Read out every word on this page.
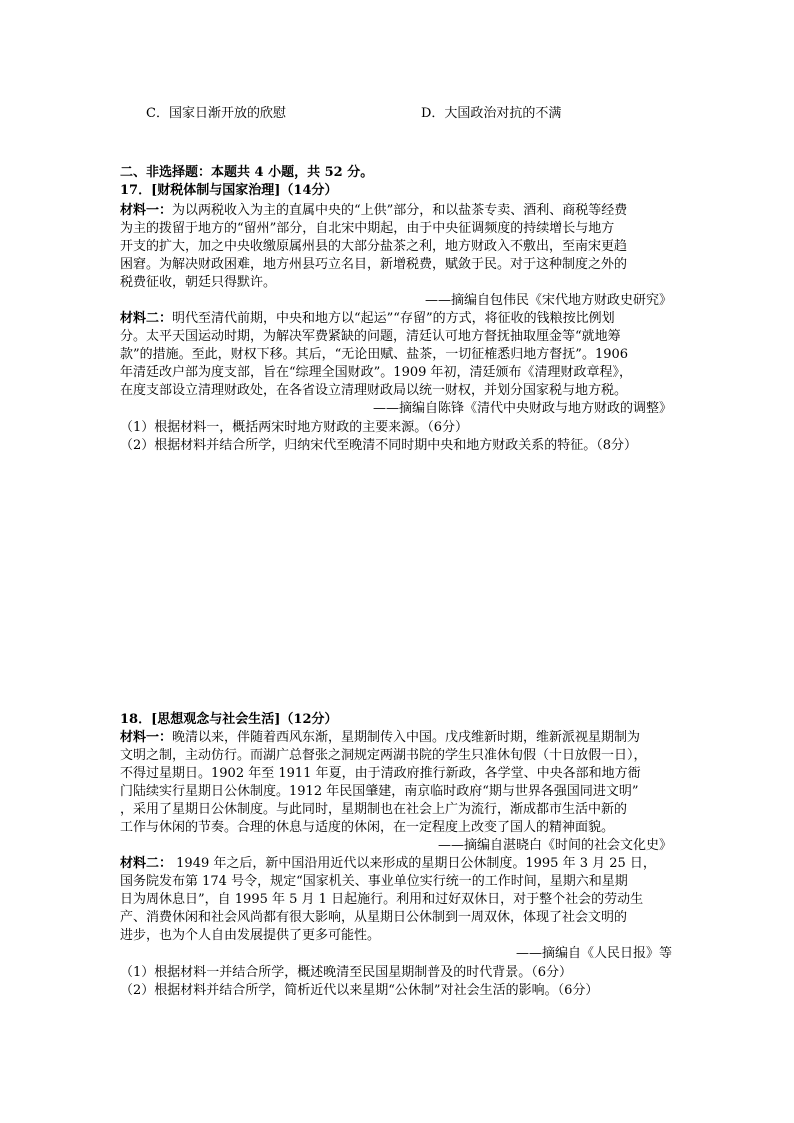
C．国家日渐开放的欣慰	D．大国政治对抗的不满
二、非选择题：本题共 4 小题，共 52 分。
17．[财税体制与国家治理]（14分）
材料一：为以两税收入为主的直属中央的“上供”部分，和以盐茶专卖、酒利、商税等经费
为主的拨留于地方的“留州”部分，自北宋中期起，由于中央征调频度的持续增长与地方
开支的扩大，加之中央收缴原属州县的大部分盐茶之利，地方财政入不敷出，至南宋更趋
困窘。为解决财政困难，地方州县巧立名目，新增税费，赋敛于民。对于这种制度之外的
税费征收，朝廷只得默许。
——摘编自包伟民《宋代地方财政史研究》
材料二：明代至清代前期，中央和地方以“起运”“存留”的方式，将征收的钱粮按比例划
分。太平天国运动时期，为解决军费紧缺的问题，清廷认可地方督抚抽取厘金等“就地筹
款”的措施。至此，财权下移。其后，“无论田赋、盐茶，一切征榷悉归地方督抚”。1906
年清廷改户部为度支部，旨在“综理全国财政”。1909 年初，清廷颁布《清理财政章程》，
在度支部设立清理财政处，在各省设立清理财政局以统一财权，并划分国家税与地方税。
——摘编自陈锋《清代中央财政与地方财政的调整》
（1）根据材料一，概括两宋时地方财政的主要来源。（6分）
（2）根据材料并结合所学，归纳宋代至晚清不同时期中央和地方财政关系的特征。（8分）
18．[思想观念与社会生活]（12分）
材料一：晚清以来，伴随着西风东渐，星期制传入中国。戊戌维新时期，维新派视星期制为
文明之制，主动仿行。而湖广总督张之洞规定两湖书院的学生只准休旬假（十日放假一日），
不得过星期日。1902 年至 1911 年夏，由于清政府推行新政，各学堂、中央各部和地方衙
门陆续实行星期日公休制度。1912 年民国肇建，南京临时政府“期与世界各强国同进文明”
，采用了星期日公休制度。与此同时，星期制也在社会上广为流行，渐成都市生活中新的
工作与休闲的节奏。合理的休息与适度的休闲，在一定程度上改变了国人的精神面貌。
——摘编自湛晓白《时间的社会文化史》
材料二： 1949 年之后，新中国沿用近代以来形成的星期日公休制度。1995 年 3 月 25 日，
国务院发布第 174 号令，规定“国家机关、事业单位实行统一的工作时间，星期六和星期
日为周休息日”，自 1995 年 5 月 1 日起施行。利用和过好双休日，对于整个社会的劳动生
产、消费休闲和社会风尚都有很大影响，从星期日公休制到一周双休，体现了社会文明的
进步，也为个人自由发展提供了更多可能性。
——摘编自《人民日报》等
（1）根据材料一并结合所学，概述晚清至民国星期制普及的时代背景。（6分）
（2）根据材料并结合所学，简析近代以来星期“公休制”对社会生活的影响。（6分）
